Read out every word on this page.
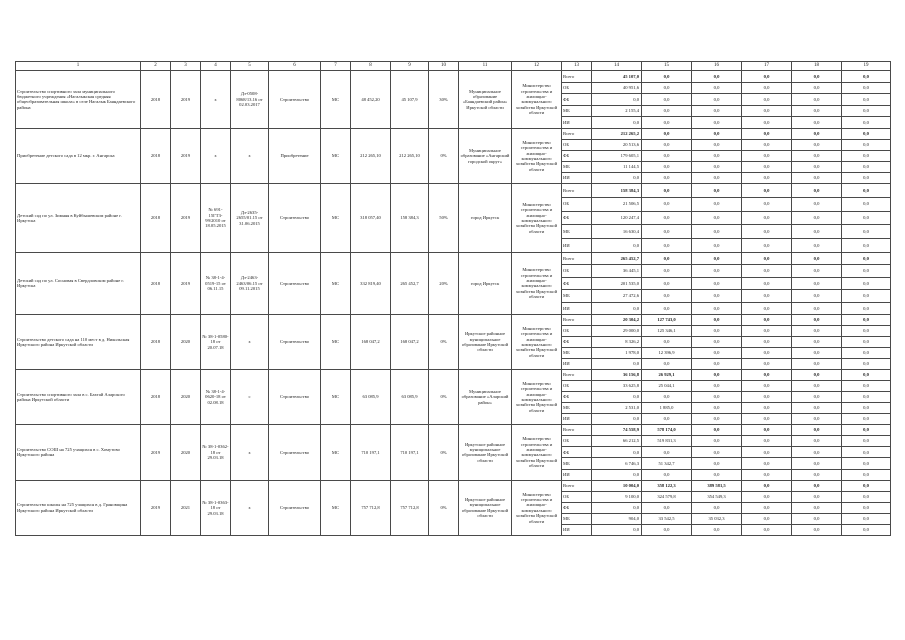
1	2	3	4	5	6	7	8	9	10	11	12	13	14	15	16	17	18	19
Строительство спортивного зала муниципального бюджетного учреждения «Нагалыкская средняя общеобразовательная школа» в селе Нагалык Баяндаевского района	2018	2019	х	Дз-0508-8068/13.16 от 02.03.2017	Строительство	МС	48 452,20	45 107,9	30%	Муниципальное образование «Баяндаевский район» Иркутской области	Министерство строительства и жилищно-коммунального хозяйства Иркутской области	Всего	45 107,0	0,0	0,0	0,0	0,0	0,0
												ОБ	40 951,6	0,0	0,0	0,0	0,0	0,0
												ФБ	0,0	0,0	0,0	0,0	0,0	0,0
												МБ	2 155,4	0,0	0,0	0,0	0,0	0,0
												ИИ	0,0	0,0	0,0	0,0	0,0	0,0
Приобретение детского сада в 12 мкр. г. Ангарска	2018	2019	х	х	Приобретение	МС	212 265,10	212 265,10	0%	Муниципальное образование «Ангарский городской округ»	Министерство строительства и жилищно-коммунального хозяйства Иркутской области	Всего	212 265,2	0,0	0,0	0,0	0,0	0,0
												ОБ	20 513,6	0,0	0,0	0,0	0,0	0,0
												ФБ	179 605,1	0,0	0,0	0,0	0,0	0,0
												МБ	11 144,5	0,0	0,0	0,0	0,0	0,0
												ИИ	0,0	0,0	0,0	0,0	0,0	0,0
Детский сад по ул. Зимняя в Куйбышевском районе г. Иркутска	2018	2019	№ 691-15ГТ3-99/2010 от 18.05.2015	Дз-2635-2655/01.15 от 31.06.2015	Строительство	МС	318 057,40	158 384,3	50%	город Иркутск	Министерство строительства и жилищно-коммунального хозяйства Иркутской области	Всего	158 384,3	0,0	0,0	0,0	0,0	0,0
												ОБ	21 506,5	0,0	0,0	0,0	0,0	0,0
												ФБ	120 247,4	0,0	0,0	0,0	0,0	0,0
												МБ	16 630,4	0,0	0,0	0,0	0,0	0,0
												ИИ	0,0	0,0	0,0	0,0	0,0	0,0
Детский сад по ул. Сосновая в Свердловском районе г. Иркутска	2018	2019	№ 38-1-4-0519-15 от 06.11.15	Дз-2463-2463/06.15 от 09.11.2015	Строительство	МС	332 819,40	265 452,7	20%	город Иркутск	Министерство строительства и жилищно-коммунального хозяйства Иркутской области	Всего	265 452,7	0,0	0,0	0,0	0,0	0,0
												ОБ	36 445,1	0,0	0,0	0,0	0,0	0,0
												ФБ	201 535,0	0,0	0,0	0,0	0,0	0,0
												МБ	27 472,6	0,0	0,0	0,0	0,0	0,0
												ИИ	0,0	0,0	0,0	0,0	0,0	0,0
Строительство детского сада на 110 мест в д. Никольская Иркутского района Иркутской области	2018	2020	№ 38-1-0580-18 от 20.07.18	х	Строительство	МС	168 047,2	168 047,2	0%	Иркутское районное муниципальное образование Иркутской области	Министерство строительства и жилищно-коммунального хозяйства Иркутской области	Всего	20 304,2	127 743,0	0,0	0,0	0,0	0,0
												ОБ	29 000,0	125 346,1	0,0	0,0	0,0	0,0
												ФБ	8 326,2	0,0	0,0	0,0	0,0	0,0
												МБ	1 978,0	12 396,9	0,0	0,0	0,0	0,0
												ИИ	0,0	0,0	0,0	0,0	0,0	0,0
Строительство спортивного зала в с. Бахтай Аларского района Иркутской области	2018	2020	№ 38-1-4-0620-18 от 02.08.18	с	Строительство	МС	63 085,9	63 085,9	0%	Муниципальное образование «Аларский район»	Министерство строительства и жилищно-коммунального хозяйства Иркутской области	Всего	36 156,8	26 929,1	0,0	0,0	0,0	0,0
												ОБ	33 625,8	25 044,1	0,0	0,0	0,0	0,0
												ФБ	0,0	0,0	0,0	0,0	0,0	0,0
												МБ	2 531,0	1 885,0	0,0	0,0	0,0	0,0
												ИИ	0,0	0,0	0,0	0,0	0,0	0,0
Строительство СОШ на 725 учащихся в с. Хомутово Иркутского района	2019	2020	№ 38-1-0362-18 от 29.03.18	х	Строительство	МС	710 197,1	710 197,1	0%	Иркутское районное муниципальное образование Иркутской области	Министерство строительства и жилищно-коммунального хозяйства Иркутской области	Всего	74 558,9	578 174,0	0,0	0,0	0,0	0,0
												ОБ	66 212,5	519 831,3	0,0	0,0	0,0	0,0
												ФБ	0,0	0,0	0,0	0,0	0,0	0,0
												МБ	6 746,3	51 342,7	0,0	0,0	0,0	0,0
												ИИ	0,0	0,0	0,0	0,0	0,0	0,0
Строительство школы на 725 учащихся в д. Грановщина Иркутского района Иркутской области	2019	2021	№ 38-1-0363-18 от 29.03.18	х	Строительство	МС	757 712,8	757 712,8	0%	Иркутское районное муниципальное образование Иркутской области	Министерство строительства и жилищно-коммунального хозяйства Иркутской области	Всего	10 004,0	358 122,3	389 581,5	0,0	0,0	0,0
												ОБ	9 100,0	324 579,8	354 549,3	0,0	0,0	0,0
												ФБ	0,0	0,0	0,0	0,0	0,0	0,0
												МБ	904,0	33 542,5	35 032,3	0,0	0,0	0,0
												ИИ	0,0	0,0	0,0	0,0	0,0	0,0
